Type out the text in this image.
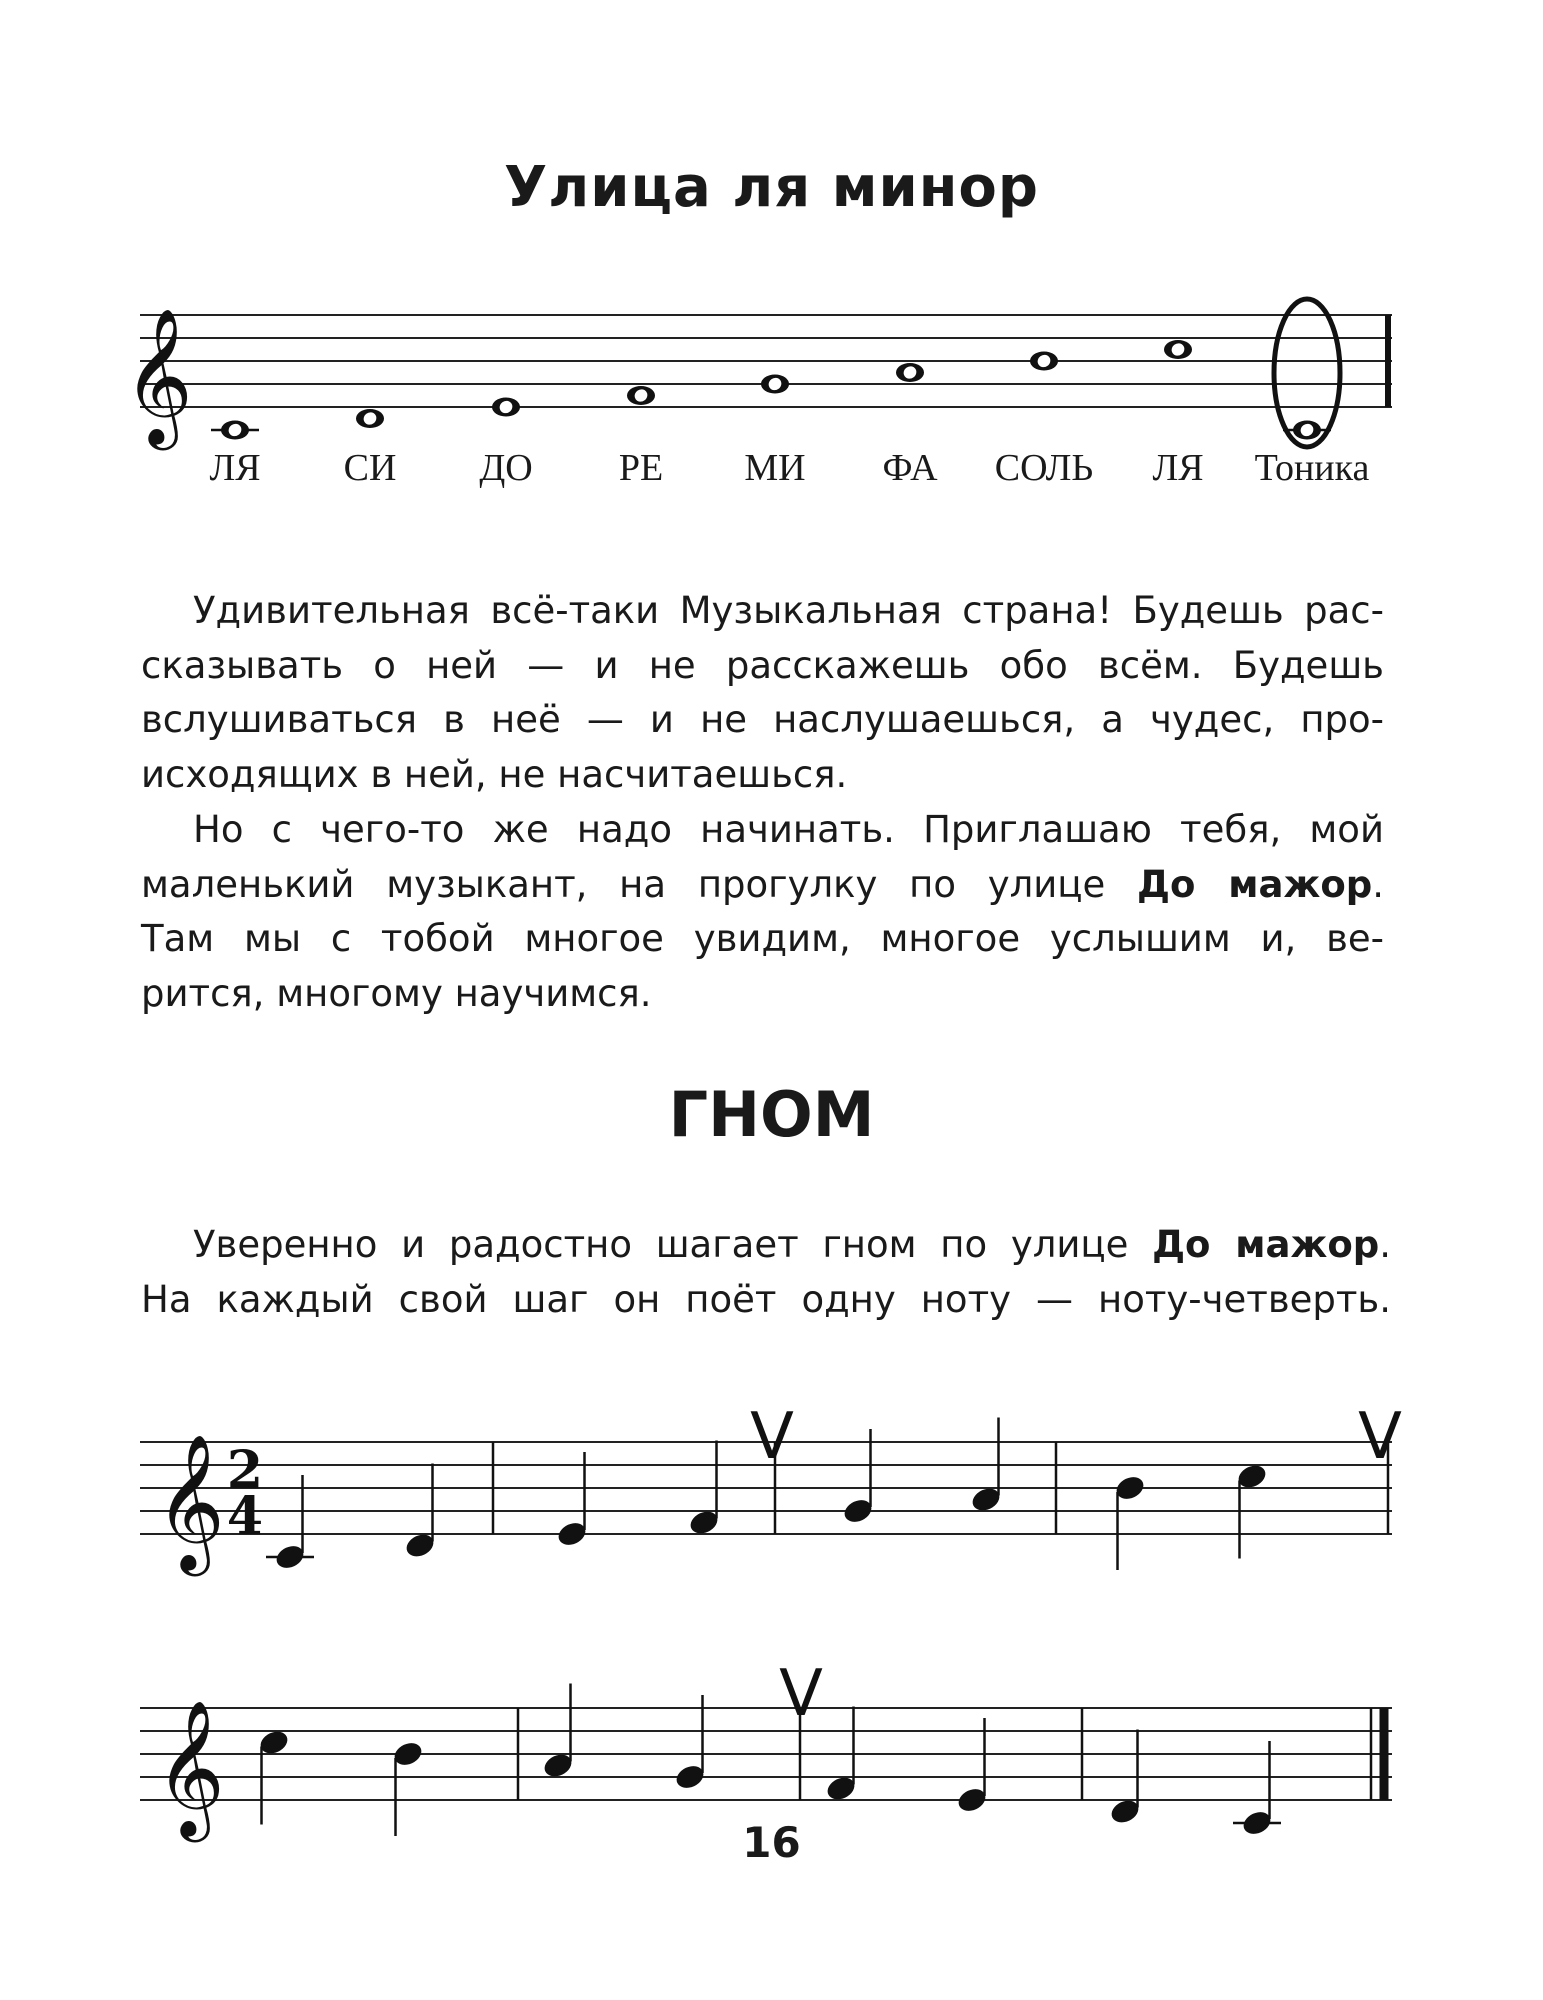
Улица ля минор
𝄞
ЛЯ СИ ДО РЕ МИ ФА СОЛЬ ЛЯ Тоника
Удивительная всё-таки Музыкальная страна! Будешь рас-
сказывать о ней — и не расскажешь обо всём. Будешь
вслушиваться в неё — и не наслушаешься, а чудес, про-
исходящих в ней, не насчитаешься.
Но с чего-то же надо начинать. Приглашаю тебя, мой
маленький музыкант, на прогулку по улице До мажор.
Там мы с тобой многое увидим, многое услышим и, ве-
рится, многому научимся.
ГНОМ
Уверенно и радостно шагает гном по улице До мажор.
На каждый свой шаг он поёт одну ноту — ноту-четверть.
𝄞 2
4
V	V
𝄞
V

16
